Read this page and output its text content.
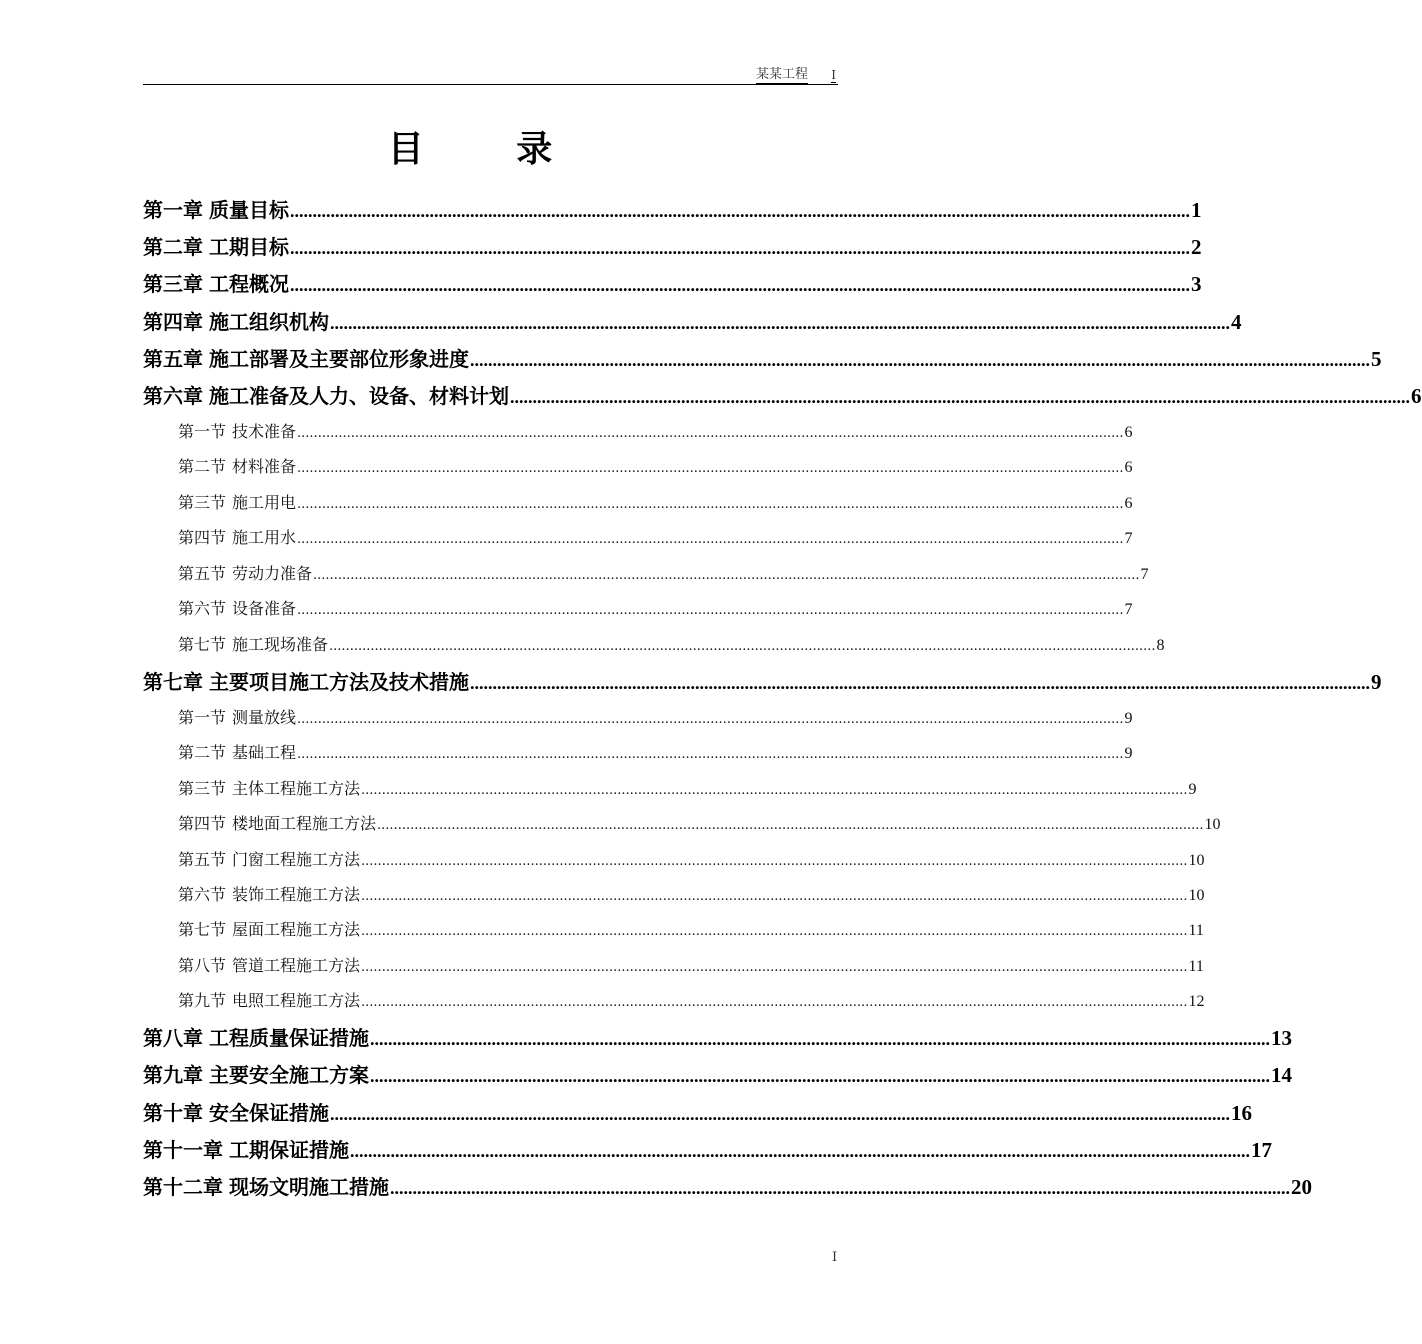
某某工程 I
目 录
第一章 质量目标 ........................................................................................................................................................................................................ 1
第二章 工期目标 ........................................................................................................................................................................................................ 2
第三章 工程概况 ........................................................................................................................................................................................................ 3
第四章 施工组织机构 ........................................................................................................................................................................................................ 4
第五章 施工部署及主要部位形象进度 ........................................................................................................................................................................................................ 5
第六章 施工准备及人力、设备、材料计划 ........................................................................................................................................................................................................ 6
第一节 技术准备 ........................................................................................................................................................................................................ 6
第二节 材料准备 ........................................................................................................................................................................................................ 6
第三节 施工用电 ........................................................................................................................................................................................................ 6
第四节 施工用水 ........................................................................................................................................................................................................ 7
第五节 劳动力准备 ........................................................................................................................................................................................................ 7
第六节 设备准备 ........................................................................................................................................................................................................ 7
第七节 施工现场准备 ........................................................................................................................................................................................................ 8
第七章 主要项目施工方法及技术措施 ........................................................................................................................................................................................................ 9
第一节 测量放线 ........................................................................................................................................................................................................ 9
第二节 基础工程 ........................................................................................................................................................................................................ 9
第三节 主体工程施工方法 ........................................................................................................................................................................................................ 9
第四节 楼地面工程施工方法 ........................................................................................................................................................................................................ 10
第五节 门窗工程施工方法 ........................................................................................................................................................................................................ 10
第六节 装饰工程施工方法 ........................................................................................................................................................................................................ 10
第七节 屋面工程施工方法 ........................................................................................................................................................................................................ 11
第八节 管道工程施工方法 ........................................................................................................................................................................................................ 11
第九节 电照工程施工方法 ........................................................................................................................................................................................................ 12
第八章 工程质量保证措施 ........................................................................................................................................................................................................ 13
第九章 主要安全施工方案 ........................................................................................................................................................................................................ 14
第十章 安全保证措施 ........................................................................................................................................................................................................ 16
第十一章 工期保证措施 ........................................................................................................................................................................................................ 17
第十二章 现场文明施工措施 ........................................................................................................................................................................................................ 20
I
